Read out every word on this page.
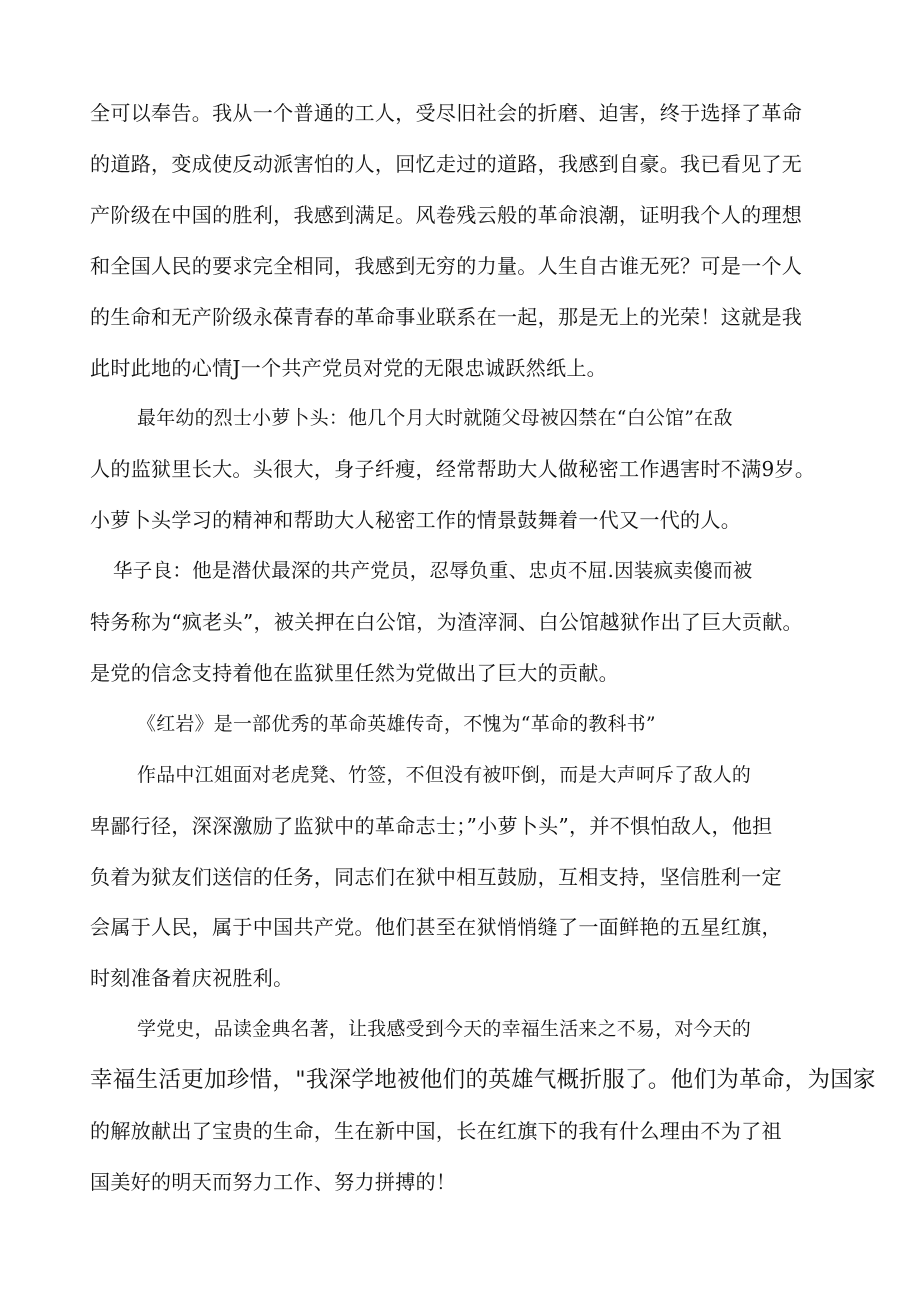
全可以奉告。我从一个普通的工人，受尽旧社会的折磨、迫害，终于选择了革命
的道路，变成使反动派害怕的人，回忆走过的道路，我感到自豪。我已看见了无
产阶级在中国的胜利，我感到满足。风卷残云般的革命浪潮，证明我个人的理想
和全国人民的要求完全相同，我感到无穷的力量。人生自古谁无死？可是一个人
的生命和无产阶级永葆青春的革命事业联系在一起，那是无上的光荣！这就是我
此时此地的心情J一个共产党员对党的无限忠诚跃然纸上。
最年幼的烈士小萝卜头：他几个月大时就随父母被囚禁在“白公馆”在敌
人的监狱里长大。头很大，身子纤瘦，经常帮助大人做秘密工作遇害时不满9岁。
小萝卜头学习的精神和帮助大人秘密工作的情景鼓舞着一代又一代的人。
华子良：他是潜伏最深的共产党员，忍辱负重、忠贞不屈.因装疯卖傻而被
特务称为“疯老头”，被关押在白公馆，为渣滓洞、白公馆越狱作出了巨大贡献。
是党的信念支持着他在监狱里任然为党做出了巨大的贡献。
《红岩》是一部优秀的革命英雄传奇，不愧为“革命的教科书”
作品中江姐面对老虎凳、竹签，不但没有被吓倒，而是大声呵斥了敌人的
卑鄙行径，深深激励了监狱中的革命志士；”小萝卜头”，并不惧怕敌人，他担
负着为狱友们送信的任务，同志们在狱中相互鼓励，互相支持，坚信胜利一定
会属于人民，属于中国共产党。他们甚至在狱悄悄缝了一面鲜艳的五星红旗，
时刻准备着庆祝胜利。
学党史，品读金典名著，让我感受到今天的幸福生活来之不易，对今天的
幸福生活更加珍惜，"我深学地被他们的英雄气概折服了。他们为革命，为国家
的解放献出了宝贵的生命，生在新中国，长在红旗下的我有什么理由不为了祖
国美好的明天而努力工作、努力拼搏的！
